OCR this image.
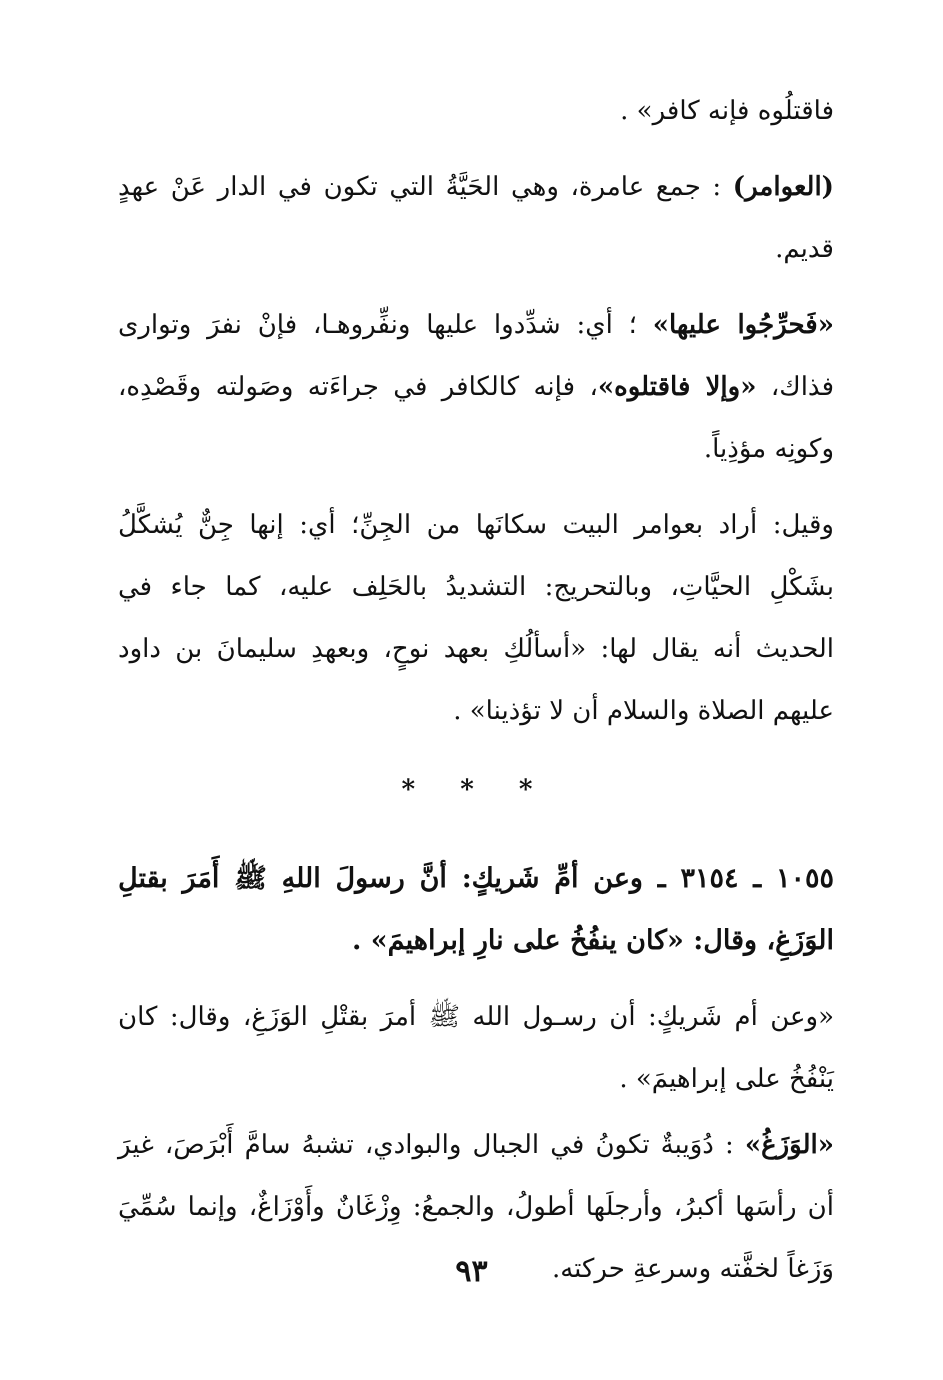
فاقتلُوه فإنه كافر» .

(العوامر) : جمع عامرة، وهي الحَيَّةُ التي تكون في الدار عَنْ عهدٍ قديم.

«فَحرِّجُوا عليها» ؛ أي: شدِّدوا عليها ونفِّروهـا، فإنْ نفرَ وتوارى فذاك، «وإلا فاقتلوه»، فإنه كالكافر في جراءَته وصَولته وقَصْدِه، وكونِه مؤذِياً.

وقيل: أراد بعوامر البيت سكانَها من الجِنِّ؛ أي: إنها جِنٌّ يُشكَّلُ بشَكْلِ الحيَّاتِ، وبالتحريج: التشديدُ بالحَلِف عليه، كما جاء في الحديث أنه يقال لها: «أسألُكِ بعهد نوحٍ، وبعهدِ سليمانَ بن داود عليهم الصلاة والسلام أن لا تؤذينا» .

* * *

١٠٥٥ ـ ٣١٥٤ ـ وعن أمِّ شَريكٍ: أنَّ رسولَ اللهِ ﷺ أَمَرَ بقتلِ الوَزَغِ، وقال: «كان ينفُخُ على نارِ إبراهيمَ» .

«وعن أم شَريكٍ: أن رسـول الله ﷺ أمرَ بقتْلِ الوَزَغِ، وقال: كان يَنْفُخُ على إبراهيمَ» .

«الوَزَغُ» : دُوَيبةٌ تكونُ في الجبال والبوادي، تشبهُ سامَّ أَبْرَصَ، غيرَ أن رأسَها أكبرُ، وأرجلَها أطولُ، والجمعُ: وِزْغَانٌ وأَوْزَاغٌ، وإنما سُمِّيَ وَزَغاً لخفَّته وسرعةِ حركته.

٩٣
